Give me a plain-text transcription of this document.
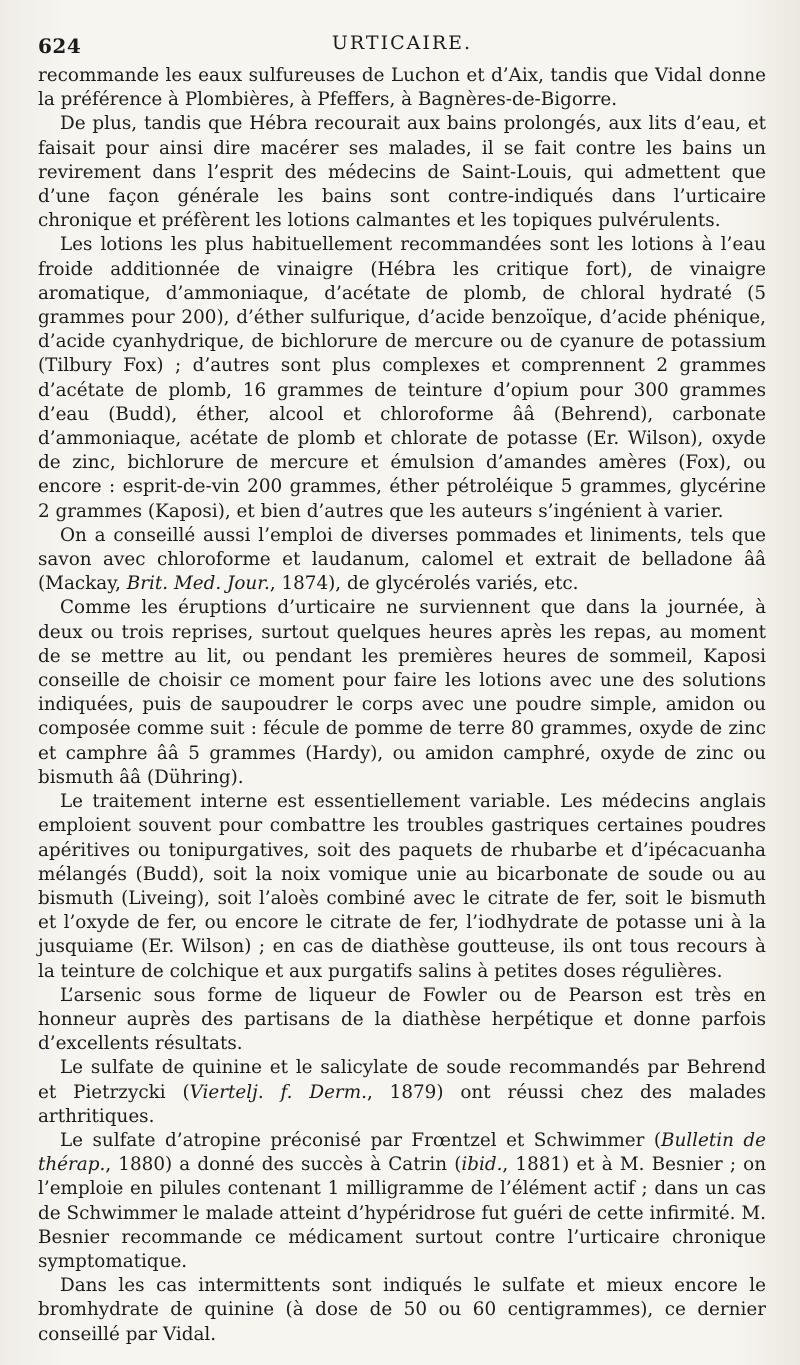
624	URTICAIRE.

recommande les eaux sulfureuses de Luchon et d’Aix, tandis que Vidal donne la préférence à Plombières, à Pfeffers, à Bagnères-de-Bigorre.

De plus, tandis que Hébra recourait aux bains prolongés, aux lits d’eau, et faisait pour ainsi dire macérer ses malades, il se fait contre les bains un revirement dans l’esprit des médecins de Saint-Louis, qui admettent que d’une façon générale les bains sont contre-indiqués dans l’urticaire chronique et préfèrent les lotions calmantes et les topiques pulvérulents.

Les lotions les plus habituellement recommandées sont les lotions à l’eau froide additionnée de vinaigre (Hébra les critique fort), de vinaigre aromatique, d’ammoniaque, d’acétate de plomb, de chloral hydraté (5 grammes pour 200), d’éther sulfurique, d’acide benzoïque, d’acide phénique, d’acide cyanhydrique, de bichlorure de mercure ou de cyanure de potassium (Tilbury Fox) ; d’autres sont plus complexes et comprennent 2 grammes d’acétate de plomb, 16 grammes de teinture d’opium pour 300 grammes d’eau (Budd), éther, alcool et chloroforme ââ (Behrend), carbonate d’ammoniaque, acétate de plomb et chlorate de potasse (Er. Wilson), oxyde de zinc, bichlorure de mercure et émulsion d’amandes amères (Fox), ou encore : esprit-de-vin 200 grammes, éther pétroléique 5 grammes, glycérine 2 grammes (Kaposi), et bien d’autres que les auteurs s’ingénient à varier.

On a conseillé aussi l’emploi de diverses pommades et liniments, tels que savon avec chloroforme et laudanum, calomel et extrait de belladone ââ (Mackay, Brit. Med. Jour., 1874), de glycérolés variés, etc.

Comme les éruptions d’urticaire ne surviennent que dans la journée, à deux ou trois reprises, surtout quelques heures après les repas, au moment de se mettre au lit, ou pendant les premières heures de sommeil, Kaposi conseille de choisir ce moment pour faire les lotions avec une des solutions indiquées, puis de saupoudrer le corps avec une poudre simple, amidon ou composée comme suit : fécule de pomme de terre 80 grammes, oxyde de zinc et camphre ââ 5 grammes (Hardy), ou amidon camphré, oxyde de zinc ou bismuth ââ (Dühring).

Le traitement interne est essentiellement variable. Les médecins anglais emploient souvent pour combattre les troubles gastriques certaines poudres apéritives ou tonipurgatives, soit des paquets de rhubarbe et d’ipécacuanha mélangés (Budd), soit la noix vomique unie au bicarbonate de soude ou au bismuth (Liveing), soit l’aloès combiné avec le citrate de fer, soit le bismuth et l’oxyde de fer, ou encore le citrate de fer, l’iodhydrate de potasse uni à la jusquiame (Er. Wilson) ; en cas de diathèse goutteuse, ils ont tous recours à la teinture de colchique et aux purgatifs salins à petites doses régulières.

L’arsenic sous forme de liqueur de Fowler ou de Pearson est très en honneur auprès des partisans de la diathèse herpétique et donne parfois d’excellents résultats.

Le sulfate de quinine et le salicylate de soude recommandés par Behrend et Pietrzycki (Viertelj. f. Derm., 1879) ont réussi chez des malades arthritiques.

Le sulfate d’atropine préconisé par Frœntzel et Schwimmer (Bulletin de thérap., 1880) a donné des succès à Catrin (ibid., 1881) et à M. Besnier ; on l’emploie en pilules contenant 1 milligramme de l’élément actif ; dans un cas de Schwimmer le malade atteint d’hypéridrose fut guéri de cette infirmité. M. Besnier recommande ce médicament surtout contre l’urticaire chronique symptomatique.

Dans les cas intermittents sont indiqués le sulfate et mieux encore le bromhydrate de quinine (à dose de 50 ou 60 centigrammes), ce dernier conseillé par Vidal.
